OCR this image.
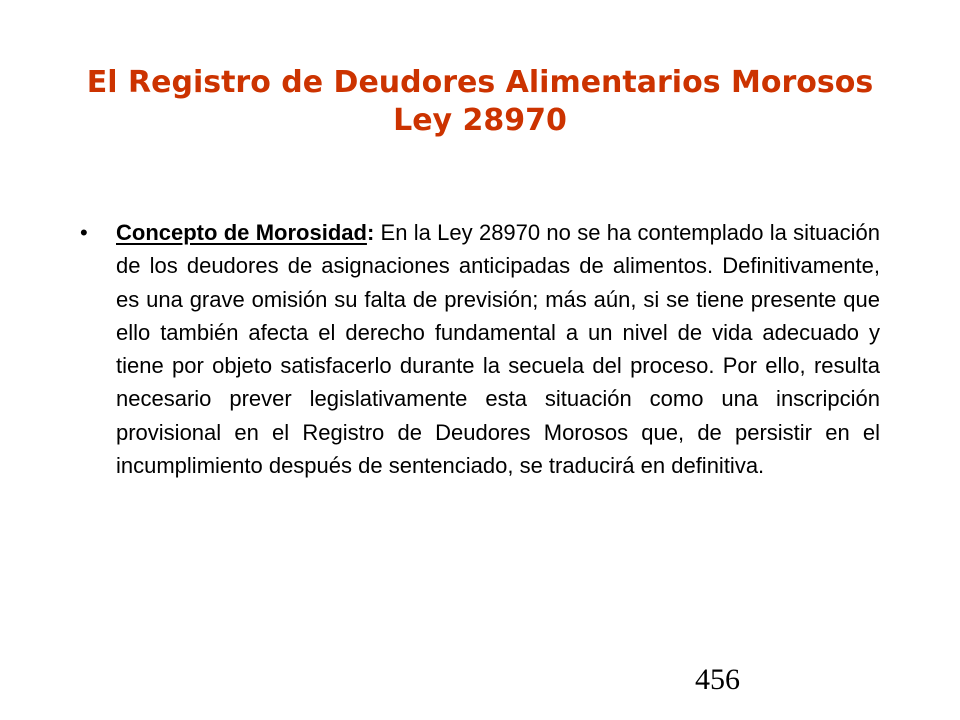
El Registro de Deudores Alimentarios Morosos
Ley 28970
•	Concepto de Morosidad: En la Ley 28970 no se ha contemplado la situación de los deudores de asignaciones anticipadas de alimentos. Definitivamente, es una grave omisión su falta de previsión; más aún, si se tiene presente que ello también afecta el derecho fundamental a un nivel de vida adecuado y tiene por objeto satisfacerlo durante la secuela del proceso. Por ello, resulta necesario prever legislativamente esta situación como una inscripción provisional en el Registro de Deudores Morosos que, de persistir en el incumplimiento después de sentenciado, se traducirá en definitiva.

456
